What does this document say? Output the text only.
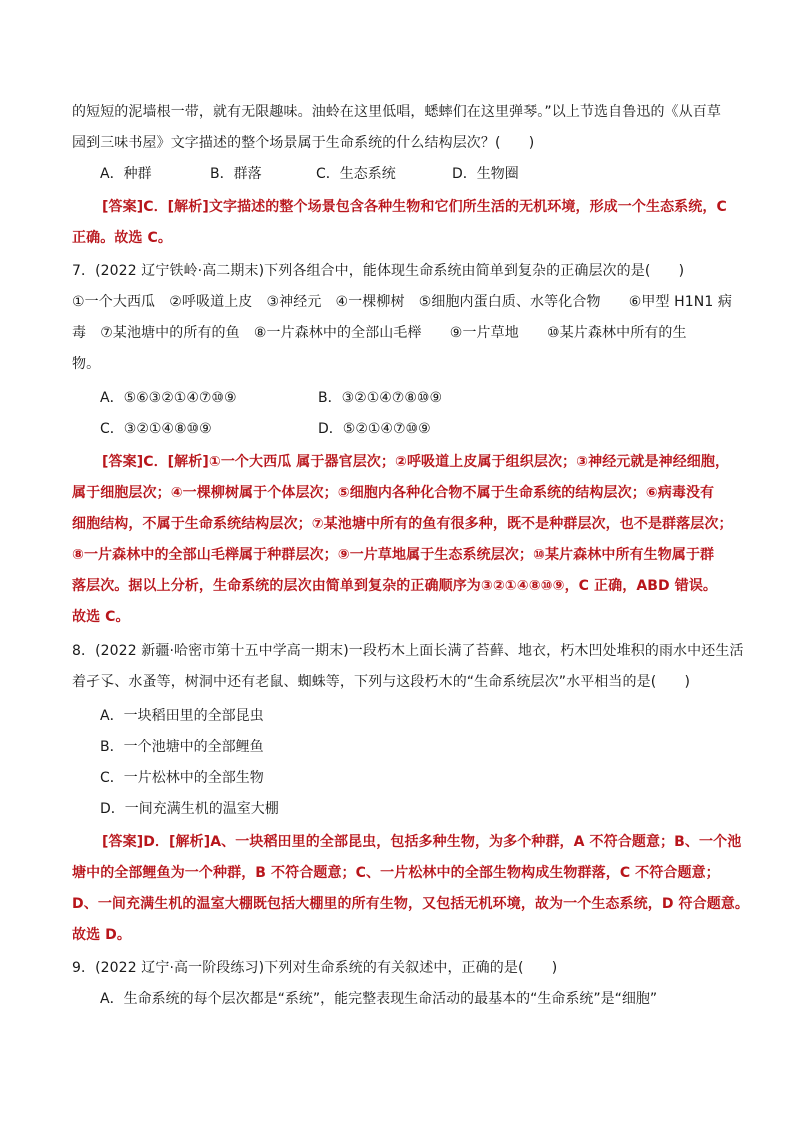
的短短的泥墙根一带，就有无限趣味。油蛉在这里低唱，蟋蟀们在这里弹琴。”以上节选自鲁迅的《从百草
园到三味书屋》文字描述的整个场景属于生命系统的什么结构层次？(　　)
A．种群	B．群落	C．生态系统	D．生物圈
[答案]C．[解析]文字描述的整个场景包含各种生物和它们所生活的无机环境，形成一个生态系统，C
正确。故选 C。
7．(2022 辽宁铁岭·高二期末)下列各组合中，能体现生命系统由简单到复杂的正确层次的是(　　)
①一个大西瓜　②呼吸道上皮　③神经元　④一棵柳树　⑤细胞内蛋白质、水等化合物　　⑥甲型 H1N1 病
毒　⑦某池塘中的所有的鱼　⑧一片森林中的全部山毛榉　　⑨一片草地　　⑩某片森林中所有的生
物。
A．⑤⑥③②①④⑦⑩⑨	B．③②①④⑦⑧⑩⑨
C．③②①④⑧⑩⑨	D．⑤②①④⑦⑩⑨
[答案]C．[解析]①一个大西瓜 属于器官层次；②呼吸道上皮属于组织层次；③神经元就是神经细胞，
属于细胞层次；④一棵柳树属于个体层次；⑤细胞内各种化合物不属于生命系统的结构层次；⑥病毒没有
细胞结构，不属于生命系统结构层次；⑦某池塘中所有的鱼有很多种，既不是种群层次，也不是群落层次；
⑧一片森林中的全部山毛榉属于种群层次；⑨一片草地属于生态系统层次；⑩某片森林中所有生物属于群
落层次。据以上分析，生命系统的层次由简单到复杂的正确顺序为③②①④⑧⑩⑨，C 正确，ABD 错误。
故选 C。
8．(2022 新疆·哈密市第十五中学高一期末)一段朽木上面长满了苔藓、地衣，朽木凹处堆积的雨水中还生活
着孑孓、水蚤等，树洞中还有老鼠、蜘蛛等，下列与这段朽木的“生命系统层次”水平相当的是(　　)
A．一块稻田里的全部昆虫
B．一个池塘中的全部鲤鱼
C．一片松林中的全部生物
D．一间充满生机的温室大棚
[答案]D．[解析]A、一块稻田里的全部昆虫，包括多种生物，为多个种群，A 不符合题意；B、一个池
塘中的全部鲤鱼为一个种群，B 不符合题意；C、一片松林中的全部生物构成生物群落，C 不符合题意；
D、一间充满生机的温室大棚既包括大棚里的所有生物，又包括无机环境，故为一个生态系统，D 符合题意。
故选 D。
9．(2022 辽宁·高一阶段练习)下列对生命系统的有关叙述中，正确的是(　　)
A．生命系统的每个层次都是“系统”，能完整表现生命活动的最基本的“生命系统”是“细胞”
